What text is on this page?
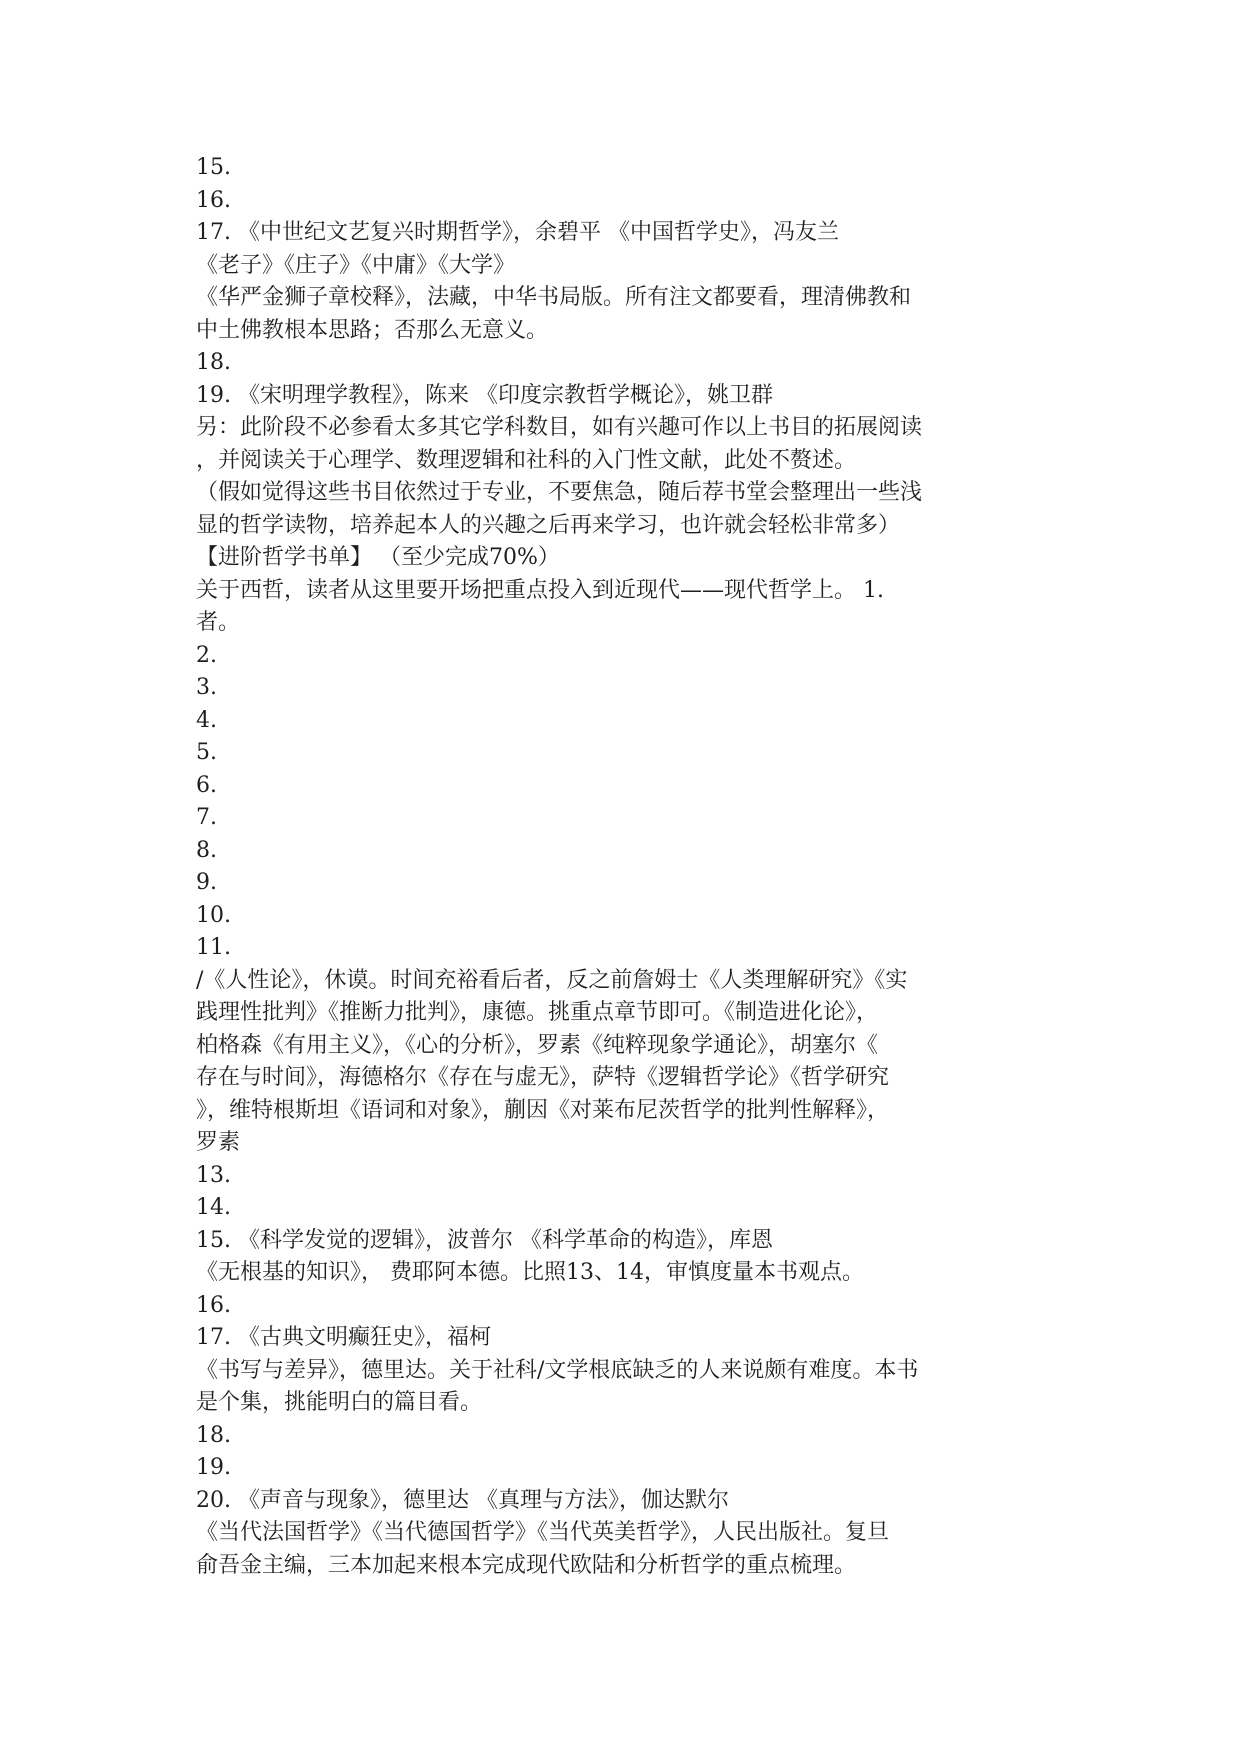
15.
16.
17. 《中世纪文艺复兴时期哲学》，余碧平 《中国哲学史》，冯友兰
《老子》《庄子》《中庸》《大学》
《华严金狮子章校释》，法藏，中华书局版。所有注文都要看，理清佛教和
中土佛教根本思路；否那么无意义。
18.
19. 《宋明理学教程》，陈来 《印度宗教哲学概论》，姚卫群
另：此阶段不必参看太多其它学科数目，如有兴趣可作以上书目的拓展阅读
，并阅读关于心理学、数理逻辑和社科的入门性文献，此处不赘述。
（假如觉得这些书目依然过于专业，不要焦急，随后荐书堂会整理出一些浅
显的哲学读物，培养起本人的兴趣之后再来学习，也许就会轻松非常多）
【进阶哲学书单】 （至少完成70%）
关于西哲，读者从这里要开场把重点投入到近现代——现代哲学上。 1.
者。
2.
3.
4.
5.
6.
7.
8.
9.
10.
11.
/《人性论》，休谟。时间充裕看后者，反之前詹姆士《人类理解研究》《实
践理性批判》《推断力批判》，康德。挑重点章节即可。《制造进化论》，
柏格森《有用主义》，《心的分析》，罗素《纯粹现象学通论》，胡塞尔《
存在与时间》，海德格尔《存在与虚无》，萨特《逻辑哲学论》《哲学研究
》，维特根斯坦《语词和对象》，蒯因《对莱布尼茨哲学的批判性解释》，
罗素
13.
14.
15. 《科学发觉的逻辑》，波普尔 《科学革命的构造》，库恩
《无根基的知识》， 费耶阿本德。比照13、14，审慎度量本书观点。
16.
17. 《古典文明癫狂史》，福柯
《书写与差异》，德里达。关于社科/文学根底缺乏的人来说颇有难度。本书
是个集，挑能明白的篇目看。
18.
19.
20. 《声音与现象》，德里达 《真理与方法》，伽达默尔
《当代法国哲学》《当代德国哲学》《当代英美哲学》，人民出版社。复旦
俞吾金主编，三本加起来根本完成现代欧陆和分析哲学的重点梳理。
